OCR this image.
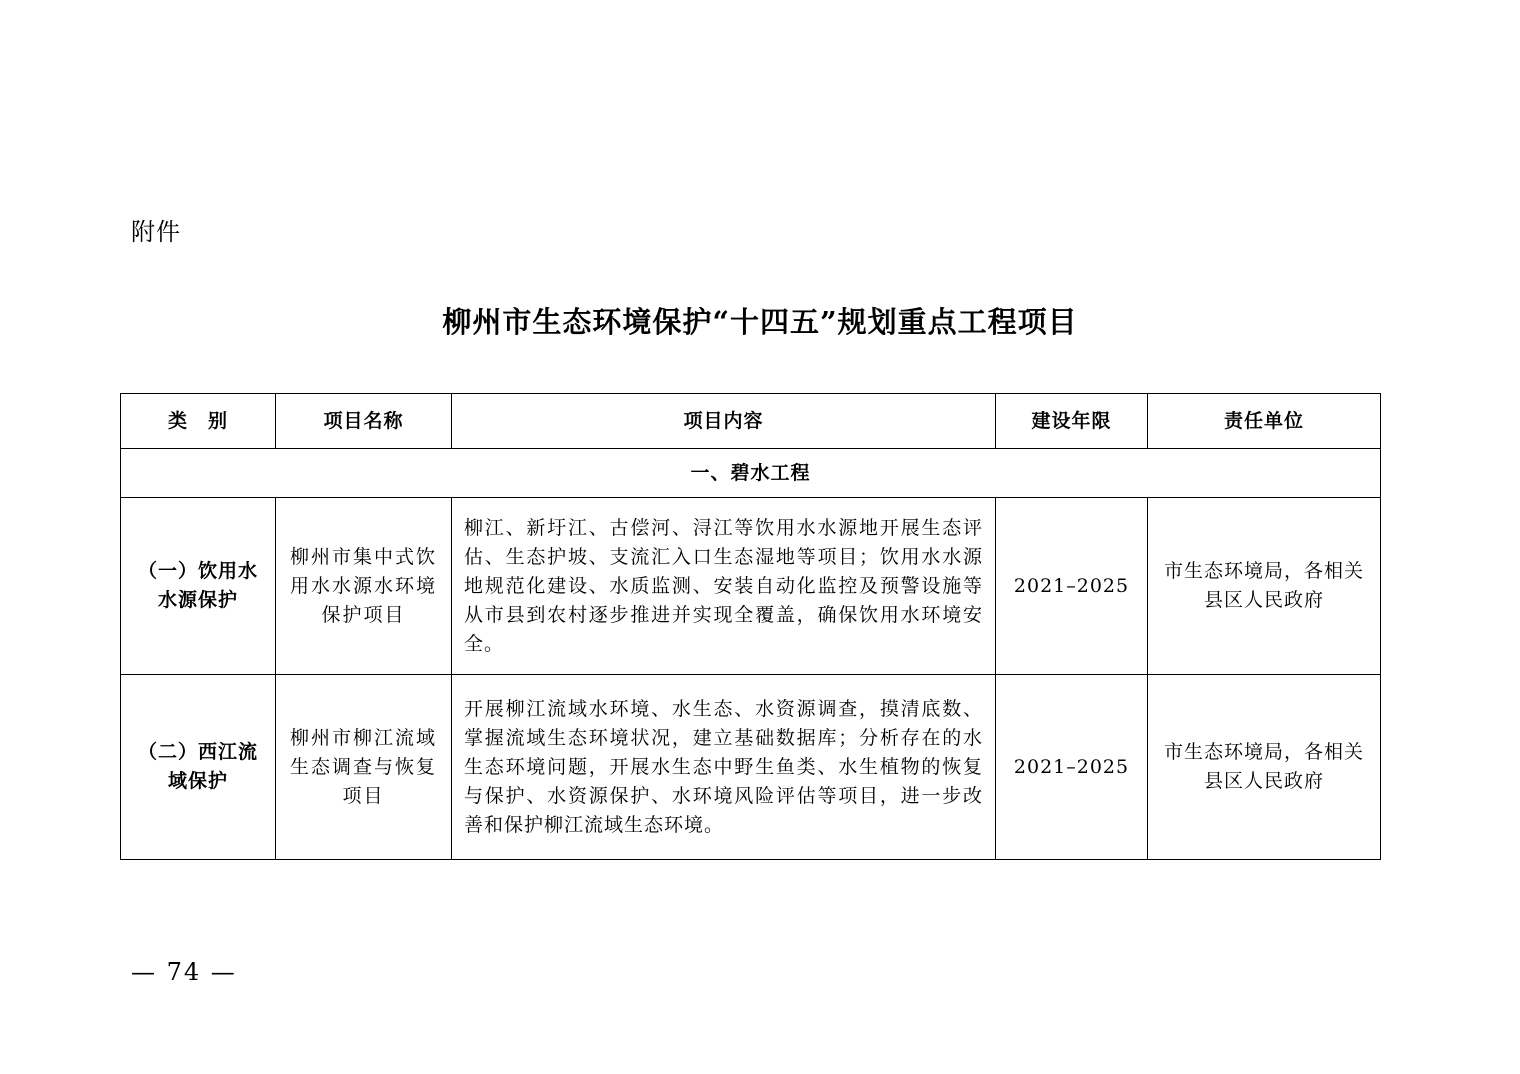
附件
柳州市生态环境保护“十四五”规划重点工程项目
类　别	项目名称	项目内容	建设年限	责任单位
一、碧水工程				
（一）饮用水水源保护	柳州市集中式饮用水水源水环境保护项目	柳江、新圩江、古偿河、浔江等饮用水水源地开展生态评估、生态护坡、支流汇入口生态湿地等项目；饮用水水源地规范化建设、水质监测、安装自动化监控及预警设施等从市县到农村逐步推进并实现全覆盖，确保饮用水环境安全。	2021–2025	市生态环境局，各相关县区人民政府
（二）西江流域保护	柳州市柳江流域生态调查与恢复项目	开展柳江流域水环境、水生态、水资源调查，摸清底数、掌握流域生态环境状况，建立基础数据库；分析存在的水生态环境问题，开展水生态中野生鱼类、水生植物的恢复与保护、水资源保护、水环境风险评估等项目，进一步改善和保护柳江流域生态环境。	2021–2025	市生态环境局，各相关县区人民政府
— 74 —
